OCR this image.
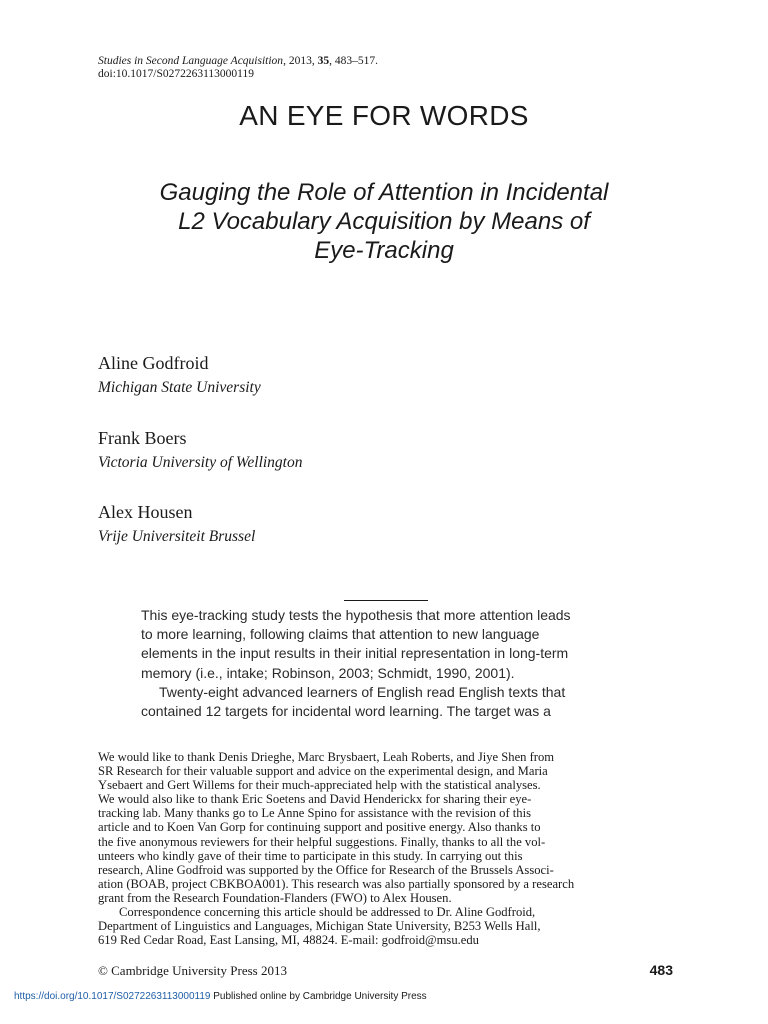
Studies in Second Language Acquisition, 2013, 35, 483–517.
doi:10.1017/S0272263113000119
AN EYE FOR WORDS
Gauging the Role of Attention in Incidental
L2 Vocabulary Acquisition by Means of
Eye-Tracking
Aline Godfroid
Michigan State University
Frank Boers
Victoria University of Wellington
Alex Housen
Vrije Universiteit Brussel
This eye-tracking study tests the hypothesis that more attention leads
to more learning, following claims that attention to new language
elements in the input results in their initial representation in long-term
memory (i.e., intake; Robinson, 2003; Schmidt, 1990, 2001).
Twenty-eight advanced learners of English read English texts that
contained 12 targets for incidental word learning. The target was a
We would like to thank Denis Drieghe, Marc Brysbaert, Leah Roberts, and Jiye Shen from
SR Research for their valuable support and advice on the experimental design, and Maria
Ysebaert and Gert Willems for their much-appreciated help with the statistical analyses.
We would also like to thank Eric Soetens and David Henderickx for sharing their eye-
tracking lab. Many thanks go to Le Anne Spino for assistance with the revision of this
article and to Koen Van Gorp for continuing support and positive energy. Also thanks to
the five anonymous reviewers for their helpful suggestions. Finally, thanks to all the vol-
unteers who kindly gave of their time to participate in this study. In carrying out this
research, Aline Godfroid was supported by the Office for Research of the Brussels Associ-
ation (BOAB, project CBKBOA001). This research was also partially sponsored by a research
grant from the Research Foundation-Flanders (FWO) to Alex Housen.
Correspondence concerning this article should be addressed to Dr. Aline Godfroid,
Department of Linguistics and Languages, Michigan State University, B253 Wells Hall,
619 Red Cedar Road, East Lansing, MI, 48824. E-mail: godfroid@msu.edu
© Cambridge University Press 2013	483
https://doi.org/10.1017/S0272263113000119 Published online by Cambridge University Press
